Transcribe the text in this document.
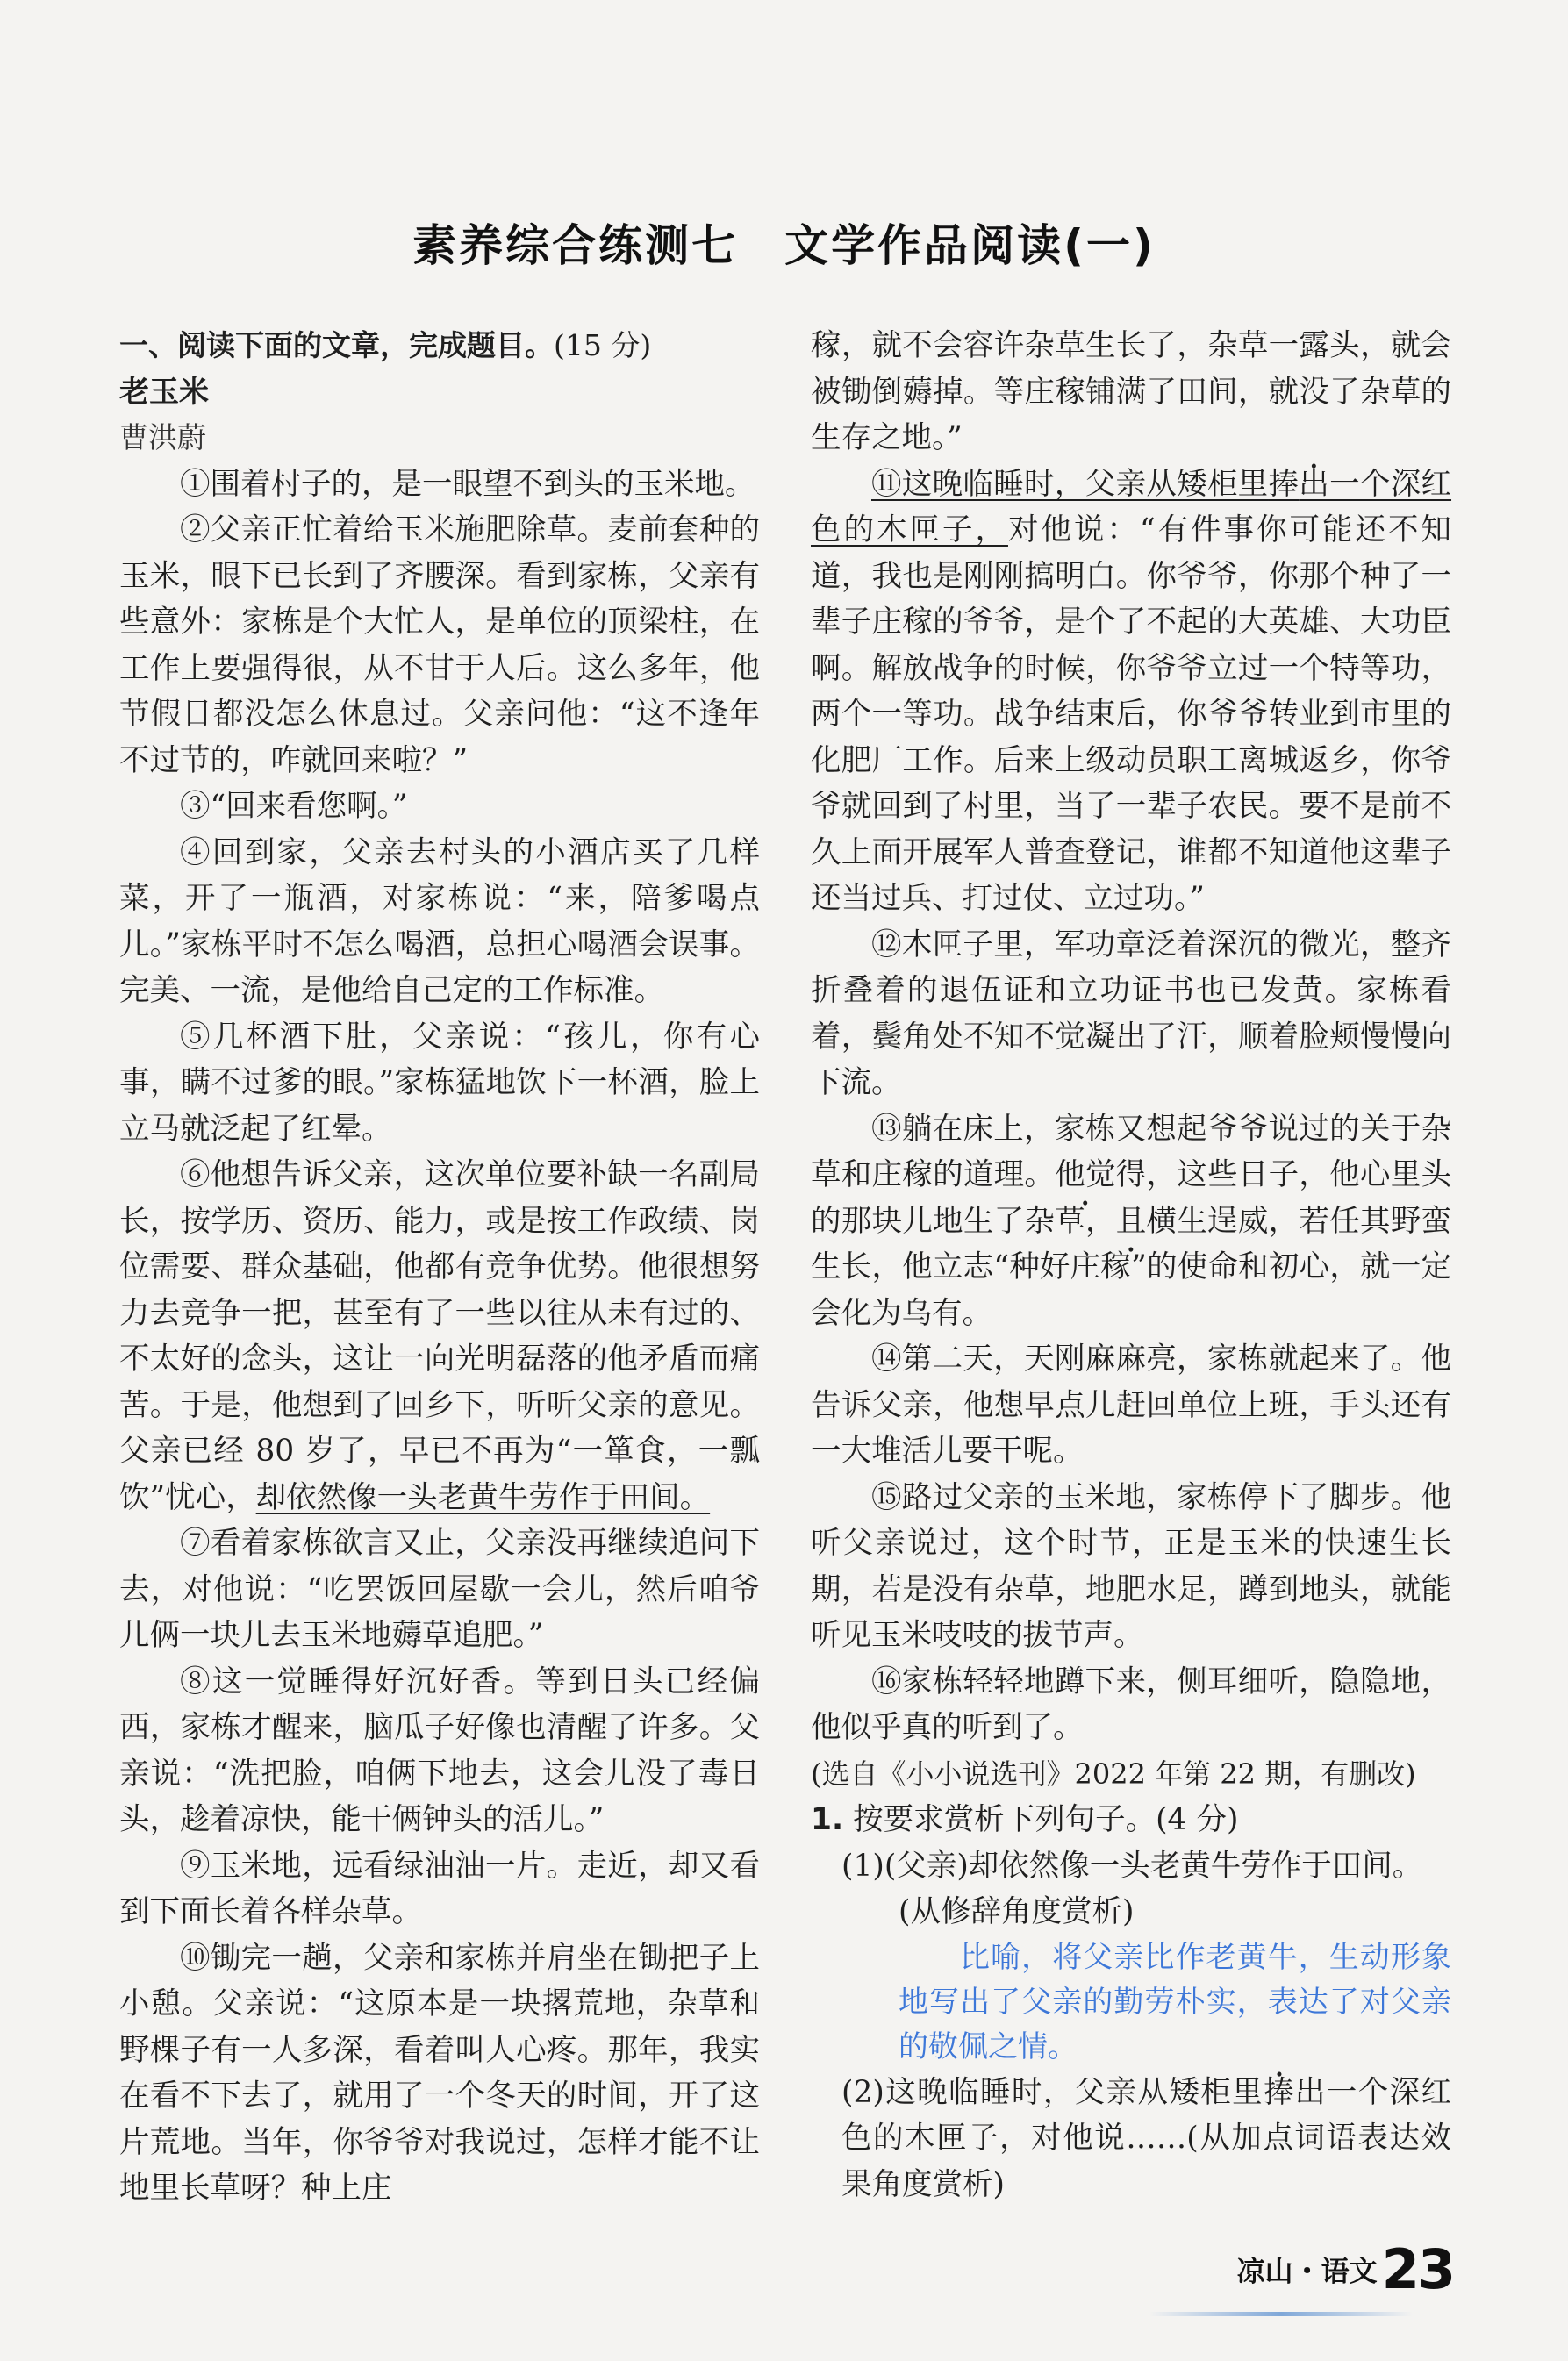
素养综合练测七　文学作品阅读(一)

一、阅读下面的文章，完成题目。(15 分)

老玉米

曹洪蔚

①围着村子的，是一眼望不到头的玉米地。

②父亲正忙着给玉米施肥除草。麦前套种的玉米，眼下已长到了齐腰深。看到家栋，父亲有些意外：家栋是个大忙人，是单位的顶梁柱，在工作上要强得很，从不甘于人后。这么多年，他节假日都没怎么休息过。父亲问他：“这不逢年不过节的，咋就回来啦？”

③“回来看您啊。”

④回到家，父亲去村头的小酒店买了几样菜，开了一瓶酒，对家栋说：“来，陪爹喝点儿。”家栋平时不怎么喝酒，总担心喝酒会误事。完美、一流，是他给自己定的工作标准。

⑤几杯酒下肚，父亲说：“孩儿，你有心事，瞒不过爹的眼。”家栋猛地饮下一杯酒，脸上立马就泛起了红晕。

⑥他想告诉父亲，这次单位要补缺一名副局长，按学历、资历、能力，或是按工作政绩、岗位需要、群众基础，他都有竞争优势。他很想努力去竞争一把，甚至有了一些以往从未有过的、不太好的念头，这让一向光明磊落的他矛盾而痛苦。于是，他想到了回乡下，听听父亲的意见。父亲已经 80 岁了，早已不再为“一箪食，一瓢饮”忧心，却依然像一头老黄牛劳作于田间。

⑦看着家栋欲言又止，父亲没再继续追问下去，对他说：“吃罢饭回屋歇一会儿，然后咱爷儿俩一块儿去玉米地薅草追肥。”

⑧这一觉睡得好沉好香。等到日头已经偏西，家栋才醒来，脑瓜子好像也清醒了许多。父亲说：“洗把脸，咱俩下地去，这会儿没了毒日头，趁着凉快，能干俩钟头的活儿。”

⑨玉米地，远看绿油油一片。走近，却又看到下面长着各样杂草。

⑩锄完一趟，父亲和家栋并肩坐在锄把子上小憩。父亲说：“这原本是一块撂荒地，杂草和野棵子有一人多深，看着叫人心疼。那年，我实在看不下去了，就用了一个冬天的时间，开了这片荒地。当年，你爷爷对我说过，怎样才能不让地里长草呀？种上庄

稼，就不会容许杂草生长了，杂草一露头，就会被锄倒薅掉。等庄稼铺满了田间，就没了杂草的生存之地。”

⑪这晚临睡时，父亲从矮柜里捧出一个深红色的木匣子，对他说：“有件事你可能还不知道，我也是刚刚搞明白。你爷爷，你那个种了一辈子庄稼的爷爷，是个了不起的大英雄、大功臣啊。解放战争的时候，你爷爷立过一个特等功，两个一等功。战争结束后，你爷爷转业到市里的化肥厂工作。后来上级动员职工离城返乡，你爷爷就回到了村里，当了一辈子农民。要不是前不久上面开展军人普查登记，谁都不知道他这辈子还当过兵、打过仗、立过功。”

⑫木匣子里，军功章泛着深沉的微光，整齐折叠着的退伍证和立功证书也已发黄。家栋看着，鬓角处不知不觉凝出了汗，顺着脸颊慢慢向下流。

⑬躺在床上，家栋又想起爷爷说过的关于杂草和庄稼的道理。他觉得，这些日子，他心里头的那块儿地生了杂草，且横生逞威，若任其野蛮生长，他立志“种好庄稼”的使命和初心，就一定会化为乌有。

⑭第二天，天刚麻麻亮，家栋就起来了。他告诉父亲，他想早点儿赶回单位上班，手头还有一大堆活儿要干呢。

⑮路过父亲的玉米地，家栋停下了脚步。他听父亲说过，这个时节，正是玉米的快速生长期，若是没有杂草，地肥水足，蹲到地头，就能听见玉米吱吱的拔节声。

⑯家栋轻轻地蹲下来，侧耳细听，隐隐地，他似乎真的听到了。

(选自《小小说选刊》2022 年第 22 期，有删改)

1. 按要求赏析下列句子。(4 分)

(1)(父亲)却依然像一头老黄牛劳作于田间。

(从修辞角度赏析)

比喻，将父亲比作老黄牛，生动形象地写出了父亲的勤劳朴实，表达了对父亲的敬佩之情。

(2)这晚临睡时，父亲从矮柜里捧出一个深红色的木匣子，对他说……(从加点词语表达效果角度赏析)

凉山・语文 23
